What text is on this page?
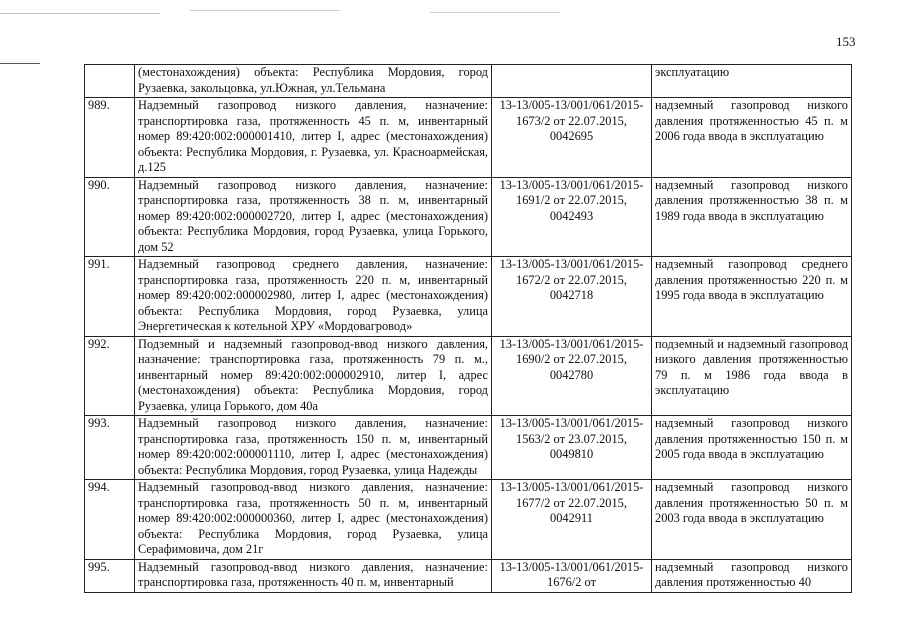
153
	(местонахождения) объекта: Республика Мордовия, город Рузаевка, закольцовка, ул.Южная, ул.Тельмана		эксплуатацию
989.	Надземный газопровод низкого давления, назначение: транспортировка газа, протяженность 45 п. м, инвентарный номер 89:420:002:000001410, литер I, адрес (местонахождения) объекта: Республика Мордовия, г. Рузаевка, ул. Красноармейская, д.125	13-13/005-13/001/061/2015-1673/2 от 22.07.2015, 0042695	надземный газопровод низкого давления протяженностью 45 п. м 2006 года ввода в эксплуатацию
990.	Надземный газопровод низкого давления, назначение: транспортировка газа, протяженность 38 п. м, инвентарный номер 89:420:002:000002720, литер I, адрес (местонахождения) объекта: Республика Мордовия, город Рузаевка, улица Горького, дом 52	13-13/005-13/001/061/2015-1691/2 от 22.07.2015, 0042493	надземный газопровод низкого давления протяженностью 38 п. м 1989 года ввода в эксплуатацию
991.	Надземный газопровод среднего давления, назначение: транспортировка газа, протяженность 220 п. м, инвентарный номер 89:420:002:000002980, литер I, адрес (местонахождения) объекта: Республика Мордовия, город Рузаевка, улица Энергетическая к котельной ХРУ «Мордовагровод»	13-13/005-13/001/061/2015-1672/2 от 22.07.2015, 0042718	надземный газопровод среднего давления протяженностью 220 п. м 1995 года ввода в эксплуатацию
992.	Подземный и надземный газопровод-ввод низкого давления, назначение: транспортировка газа, протяженность 79 п. м., инвентарный номер 89:420:002:000002910, литер I, адрес (местонахождения) объекта: Республика Мордовия, город Рузаевка, улица Горького, дом 40а	13-13/005-13/001/061/2015-1690/2 от 22.07.2015, 0042780	подземный и надземный газопровод низкого давления протяженностью 79 п. м 1986 года ввода в эксплуатацию
993.	Надземный газопровод низкого давления, назначение: транспортировка газа, протяженность 150 п. м, инвентарный номер 89:420:002:000001110, литер I, адрес (местонахождения) объекта: Республика Мордовия, город Рузаевка, улица Надежды	13-13/005-13/001/061/2015-1563/2 от 23.07.2015, 0049810	надземный газопровод низкого давления протяженностью 150 п. м 2005 года ввода в эксплуатацию
994.	Надземный газопровод-ввод низкого давления, назначение: транспортировка газа, протяженность 50 п. м, инвентарный номер 89:420:002:000000360, литер I, адрес (местонахождения) объекта: Республика Мордовия, город Рузаевка, улица Серафимовича, дом 21г	13-13/005-13/001/061/2015-1677/2 от 22.07.2015, 0042911	надземный газопровод низкого давления протяженностью 50 п. м 2003 года ввода в эксплуатацию
995.	Надземный газопровод-ввод низкого давления, назначение: транспортировка газа, протяженность 40 п. м, инвентарный	13-13/005-13/001/061/2015-1676/2 от	надземный газопровод низкого давления протяженностью 40
